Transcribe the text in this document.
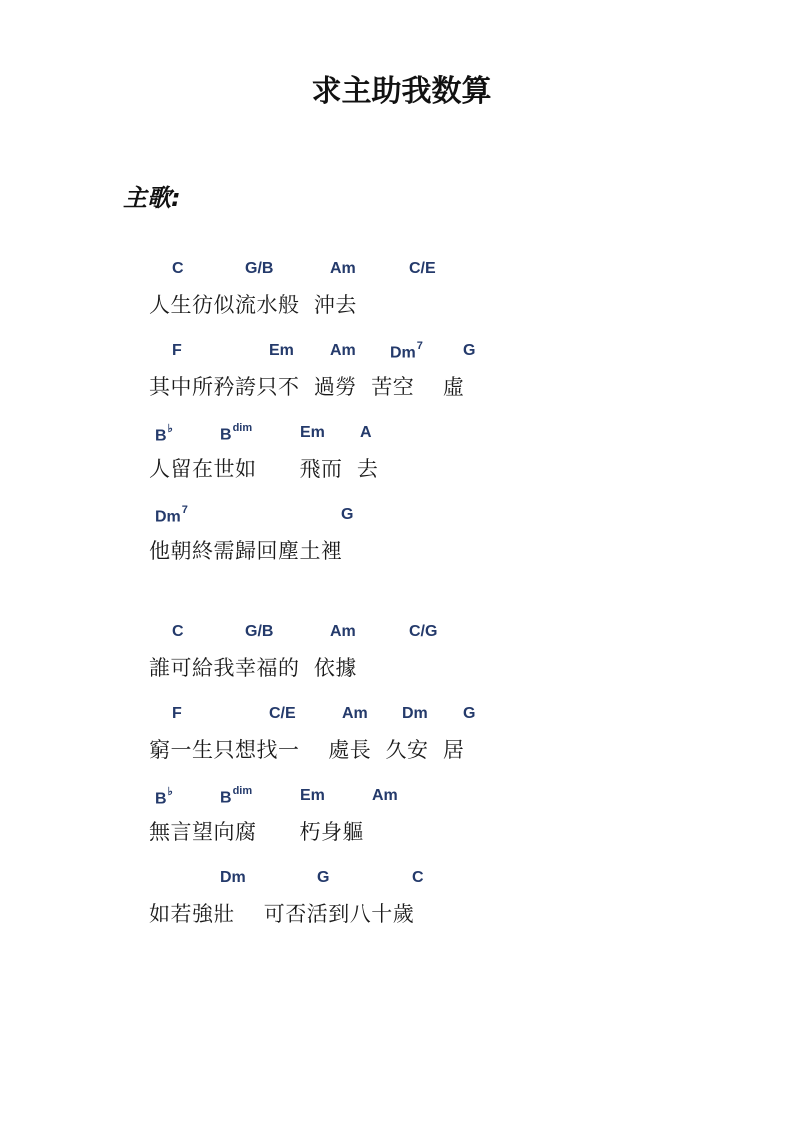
求主助我数算
主歌:
C	G/B	Am	C/E
人生彷似流水般  沖去
F	Em Am Dm$^7$	G
其中所矜誇只不  過勞  苦空    虛
B♭	$B^{dim}$	Em A
人留在世如      飛而  去
Dm$^7$	G
他朝終需歸回塵土裡
C	G/B	Am	C/G
誰可給我幸福的  依據
F	C/E	Am Dm G
窮一生只想找一    處長  久安  居
B♭	$B^{dim}$	Em	Am
無言望向腐      朽身軀
Dm	G	C
如若強壯    可否活到八十歲
